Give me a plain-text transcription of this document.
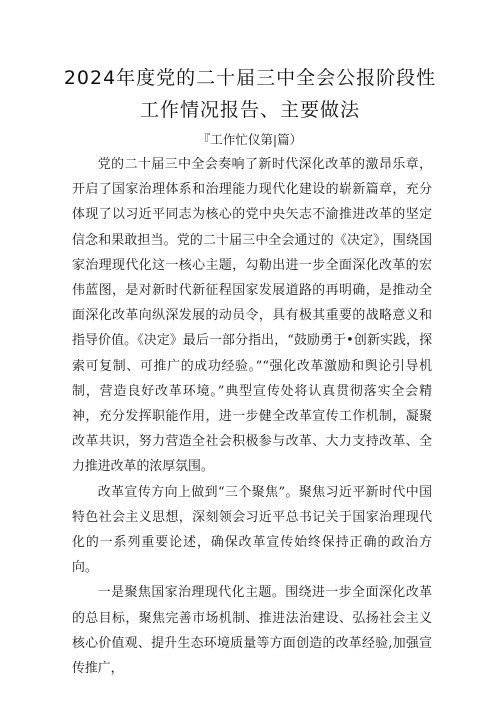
2024年度党的二十届三中全会公报阶段性
工作情况报告、主要做法
『工作忙仪第|篇）

党的二十届三中全会奏响了新时代深化改革的激昂乐章，开启了国家治理体系和治理能力现代化建设的崭新篇章，充分体现了以习近平同志为核心的党中央矢志不渝推进改革的坚定信念和果敢担当。党的二十届三中全会通过的《决定》，围绕国家治理现代化这一核心主题，勾勒出进一步全面深化改革的宏伟蓝图，是对新时代新征程国家发展道路的再明确，是推动全面深化改革向纵深发展的动员令，具有极其重要的战略意义和指导价值。《决定》最后一部分指出，“鼓励勇于•创新实践，探索可复制、可推广的成功经验。”“强化改革激励和舆论引导机制，营造良好改革环境。”典型宣传处将认真贯彻落实全会精神，充分发挥职能作用，进一步健全改革宣传工作机制，凝聚改革共识，努力营造全社会积极参与改革、大力支持改革、全力推进改革的浓厚氛围。

改革宣传方向上做到“三个聚焦”。聚焦习近平新时代中国特色社会主义思想，深刻领会习近平总书记关于国家治理现代化的一系列重要论述，确保改革宣传始终保持正确的政治方向。

一是聚焦国家治理现代化主题。围绕进一步全面深化改革的总目标，聚焦完善市场机制、推进法治建设、弘扬社会主义核心价值观、提升生态环境质量等方面创造的改革经验,加强宣传推广，
